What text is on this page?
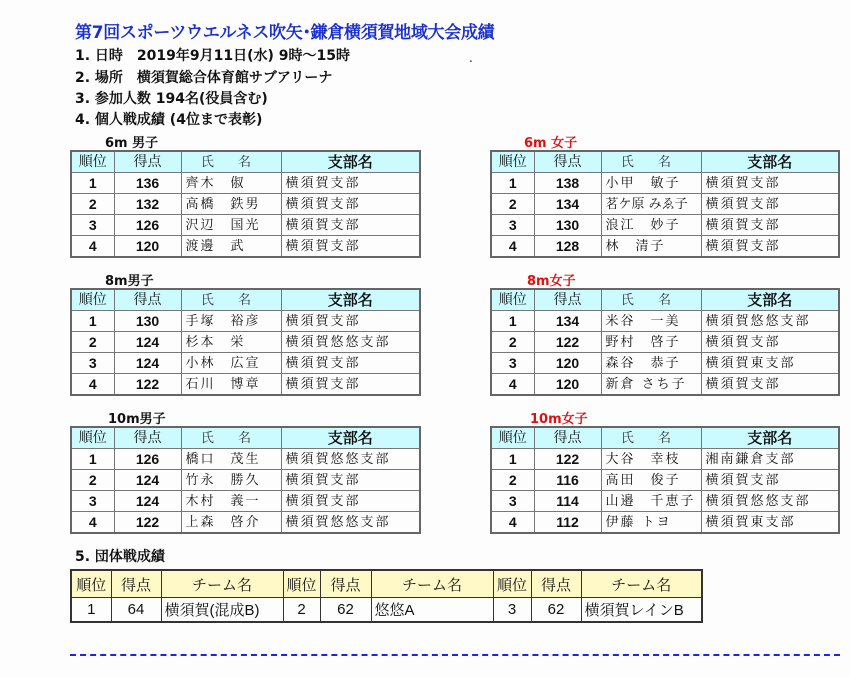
第7回スポーツウエルネス吹矢･鎌倉横須賀地域大会成績
1. 日時　2019年9月11日(水) 9時～15時	.
2. 場所　横須賀総合体育館サブアリーナ
3. 参加人数 194名(役員含む)
4. 個人戦成績 (4位まで表彰)
6m 男子
順位	得点	氏 名	支部名
1	136	齊木　俶	横須賀支部
2	132	高橋　鉄男	横須賀支部
3	126	沢辺　国光	横須賀支部
4	120	渡邊　武	横須賀支部
6m 女子
順位	得点	氏 名	支部名
1	138	小甲　敏子	横須賀支部
2	134	茗ケ原 みゑ子	横須賀支部
3	130	浪江　妙子	横須賀支部
4	128	林　清子	横須賀支部
8m男子
順位	得点	氏 名	支部名
1	130	手塚　裕彦	横須賀支部
2	124	杉本　栄	横須賀悠悠支部
3	124	小林　広宣	横須賀支部
4	122	石川　博章	横須賀支部
8m女子
順位	得点	氏 名	支部名
1	134	米谷　一美	横須賀悠悠支部
2	122	野村　啓子	横須賀支部
3	120	森谷　恭子	横須賀東支部
4	120	新倉 さち子	横須賀支部
10m男子
順位	得点	氏 名	支部名
1	126	橋口　茂生	横須賀悠悠支部
2	124	竹永　勝久	横須賀支部
3	124	木村　義一	横須賀支部
4	122	上森　啓介	横須賀悠悠支部
10m女子
順位	得点	氏 名	支部名
1	122	大谷　幸枝	湘南鎌倉支部
2	116	高田　俊子	横須賀支部
3	114	山邉　千恵子	横須賀悠悠支部
4	112	伊藤 トヨ	横須賀東支部
5. 団体戦成績
順位	得点	チーム名	順位	得点	チーム名	順位	得点	チーム名
1	64	横須賀(混成B)	2	62	悠悠A	3	62	横須賀レインB
